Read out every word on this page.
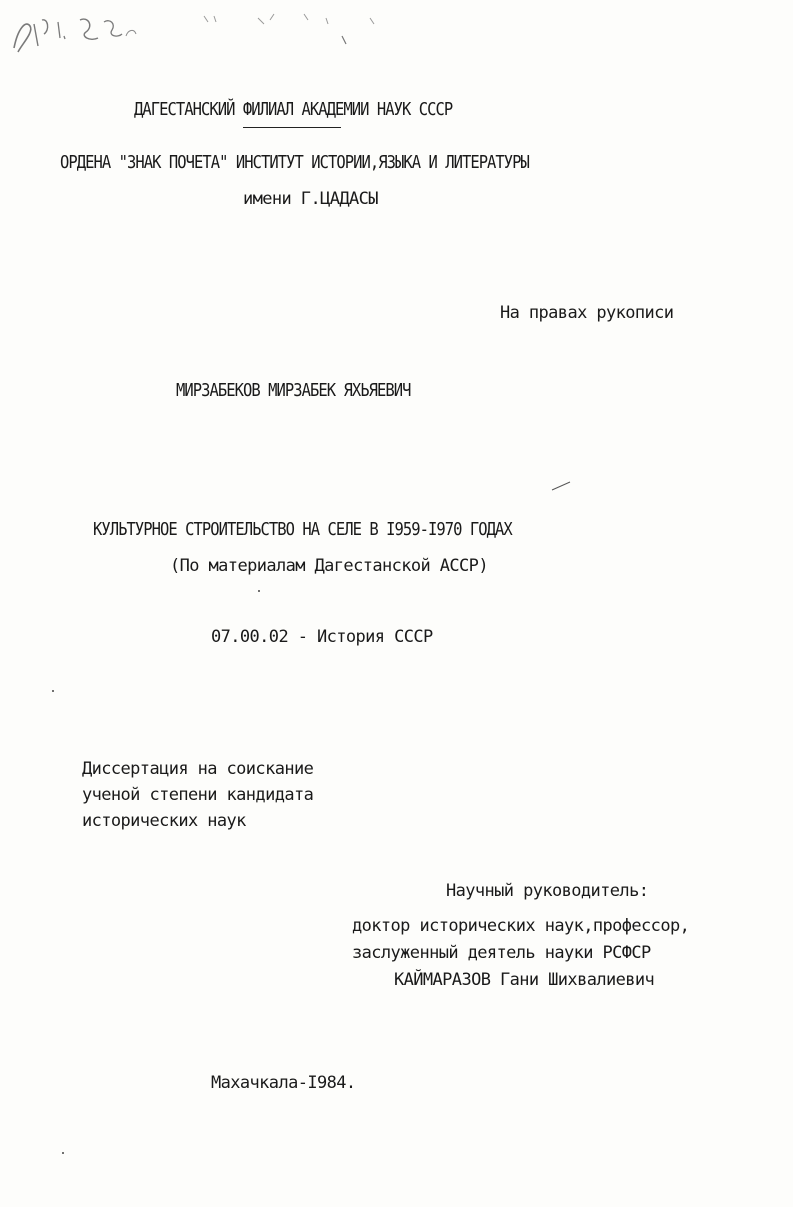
ДАГЕСТАНСКИЙ ФИЛИАЛ АКАДЕМИИ НАУК СССР
ОРДЕНА "ЗНАК ПОЧЕТА" ИНСТИТУТ ИСТОРИИ,ЯЗЫКА И ЛИТЕРАТУРЫ
имени Г.ЦАДАСЫ
На правах рукописи
МИРЗАБЕКОВ МИРЗАБЕК ЯХЬЯЕВИЧ
КУЛЬТУРНОЕ СТРОИТЕЛЬСТВО НА СЕЛЕ В I959-I970 ГОДАХ
(По материалам Дагестанской АССР)
07.00.02 - История СССР
Диссертация на соискание
ученой степени кандидата
исторических наук
Научный руководитель:
доктор исторических наук,профессор,
заслуженный деятель науки РСФСР
КАЙМАРАЗОВ Гани Шихвалиевич
Махачкала-I984.
